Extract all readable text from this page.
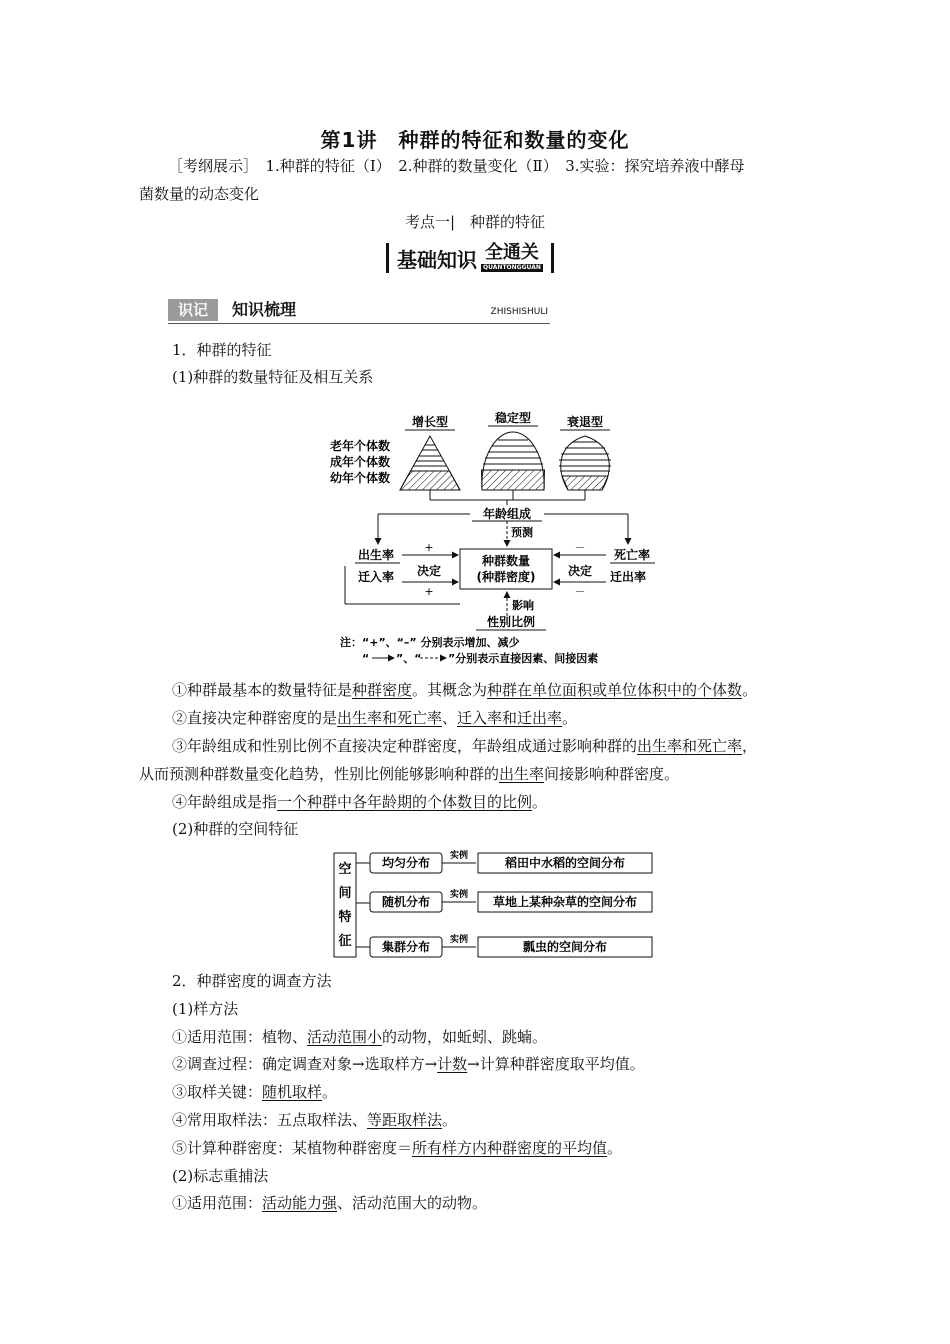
第1讲　种群的特征和数量的变化
［考纲展示］　1.种群的特征（Ⅰ）　2.种群的数量变化（Ⅱ）　3.实验：探究培养液中酵母
菌数量的动态变化
考点一|　种群的特征
基础知识 全通关
QUANTONGGUAN
识记	知识梳理	ZHISHISHULI
1．种群的特征
(1)种群的数量特征及相互关系
增长型	稳定型	衰退型
老年个体数
成年个体数
幼年个体数
年龄组成
预测
出生率
迁入率
死亡率
迁出率
种群数量
(种群密度)
+
决定
+
－
决定
－
影响
性别比例
注：“+”、“–” 分别表示增加、减少
“ ”、“ ”分别表示直接因素、间接因素
①种群最基本的数量特征是种群密度。其概念为种群在单位面积或单位体积中的个体数。
②直接决定种群密度的是出生率和死亡率、迁入率和迁出率。
③年龄组成和性别比例不直接决定种群密度，年龄组成通过影响种群的出生率和死亡率，
从而预测种群数量变化趋势，性别比例能够影响种群的出生率间接影响种群密度。
④年龄组成是指一个种群中各年龄期的个体数目的比例。
(2)种群的空间特征
空
间
特
征
均匀分布 实例	稻田中水稻的空间分布
随机分布 实例 草地上某种杂草的空间分布
集群分布 实例	瓢虫的空间分布
2．种群密度的调查方法
(1)样方法
①适用范围：植物、活动范围小的动物，如蚯蚓、跳蝻。
②调查过程：确定调查对象→选取样方→计数→计算种群密度取平均值。
③取样关键：随机取样。
④常用取样法：五点取样法、等距取样法。
⑤计算种群密度：某植物种群密度＝所有样方内种群密度的平均值。
(2)标志重捕法
①适用范围：活动能力强、活动范围大的动物。
